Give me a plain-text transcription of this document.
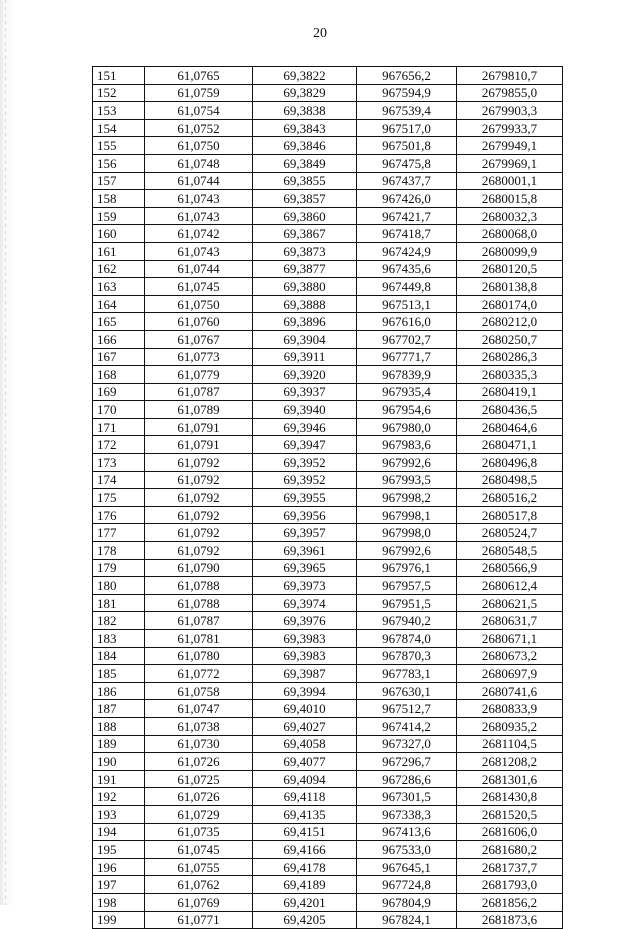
20
151	61,0765	69,3822	967656,2	2679810,7
152	61,0759	69,3829	967594,9	2679855,0
153	61,0754	69,3838	967539,4	2679903,3
154	61,0752	69,3843	967517,0	2679933,7
155	61,0750	69,3846	967501,8	2679949,1
156	61,0748	69,3849	967475,8	2679969,1
157	61,0744	69,3855	967437,7	2680001,1
158	61,0743	69,3857	967426,0	2680015,8
159	61,0743	69,3860	967421,7	2680032,3
160	61,0742	69,3867	967418,7	2680068,0
161	61,0743	69,3873	967424,9	2680099,9
162	61,0744	69,3877	967435,6	2680120,5
163	61,0745	69,3880	967449,8	2680138,8
164	61,0750	69,3888	967513,1	2680174,0
165	61,0760	69,3896	967616,0	2680212,0
166	61,0767	69,3904	967702,7	2680250,7
167	61,0773	69,3911	967771,7	2680286,3
168	61,0779	69,3920	967839,9	2680335,3
169	61,0787	69,3937	967935,4	2680419,1
170	61,0789	69,3940	967954,6	2680436,5
171	61,0791	69,3946	967980,0	2680464,6
172	61,0791	69,3947	967983,6	2680471,1
173	61,0792	69,3952	967992,6	2680496,8
174	61,0792	69,3952	967993,5	2680498,5
175	61,0792	69,3955	967998,2	2680516,2
176	61,0792	69,3956	967998,1	2680517,8
177	61,0792	69,3957	967998,0	2680524,7
178	61,0792	69,3961	967992,6	2680548,5
179	61,0790	69,3965	967976,1	2680566,9
180	61,0788	69,3973	967957,5	2680612,4
181	61,0788	69,3974	967951,5	2680621,5
182	61,0787	69,3976	967940,2	2680631,7
183	61,0781	69,3983	967874,0	2680671,1
184	61,0780	69,3983	967870,3	2680673,2
185	61,0772	69,3987	967783,1	2680697,9
186	61,0758	69,3994	967630,1	2680741,6
187	61,0747	69,4010	967512,7	2680833,9
188	61,0738	69,4027	967414,2	2680935,2
189	61,0730	69,4058	967327,0	2681104,5
190	61,0726	69,4077	967296,7	2681208,2
191	61,0725	69,4094	967286,6	2681301,6
192	61,0726	69,4118	967301,5	2681430,8
193	61,0729	69,4135	967338,3	2681520,5
194	61,0735	69,4151	967413,6	2681606,0
195	61,0745	69,4166	967533,0	2681680,2
196	61,0755	69,4178	967645,1	2681737,7
197	61,0762	69,4189	967724,8	2681793,0
198	61,0769	69,4201	967804,9	2681856,2
199	61,0771	69,4205	967824,1	2681873,6
